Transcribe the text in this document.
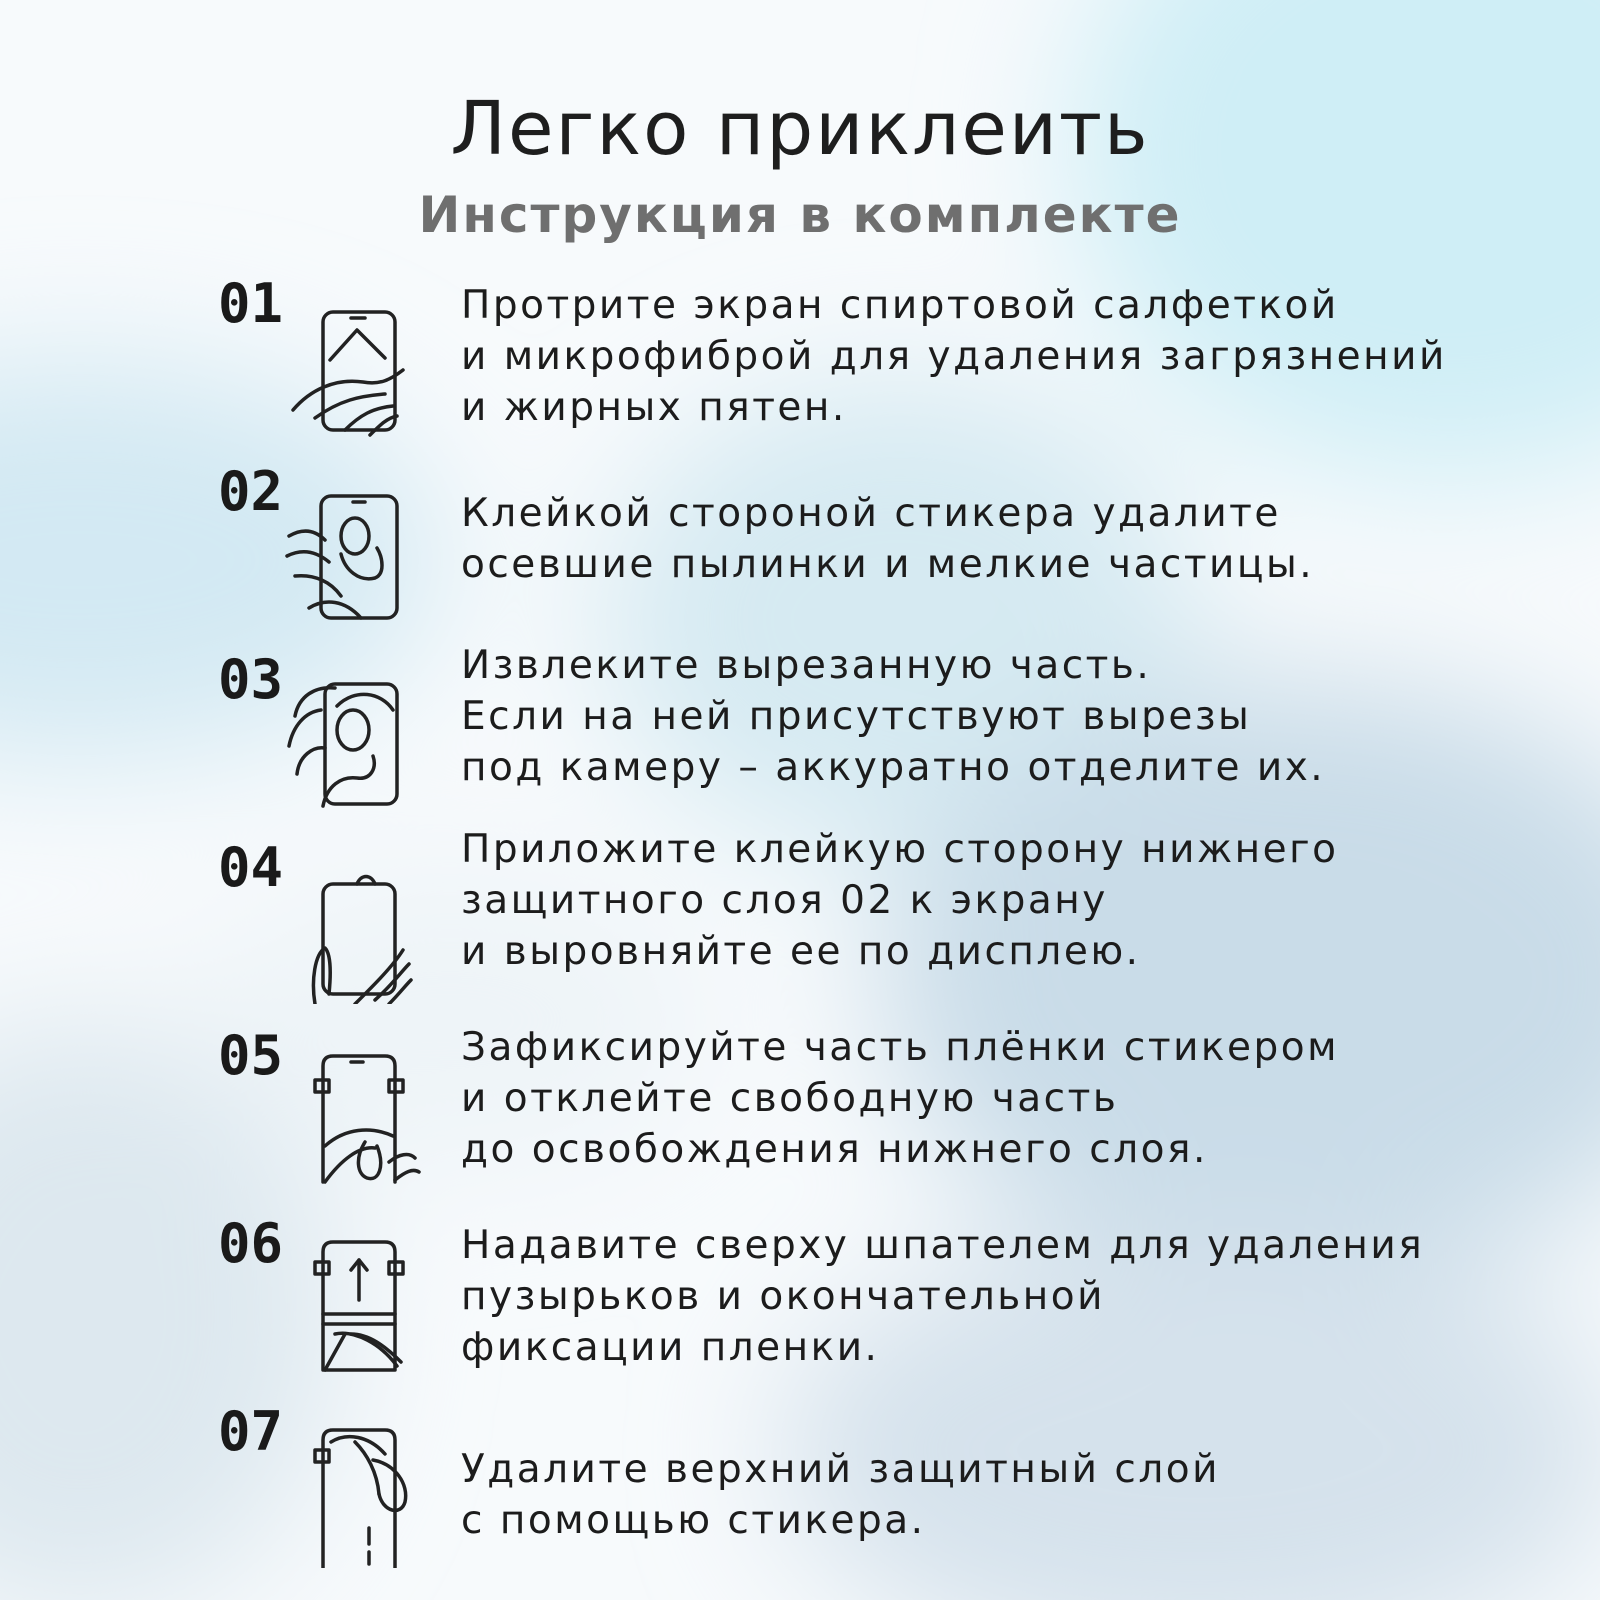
Легко приклеить
Инструкция в комплекте
01	Протрите экран спиртовой салфеткой
и микрофиброй для удаления загрязнений
и жирных пятен.
02	Клейкой стороной стикера удалите
осевшие пылинки и мелкие частицы.
03	Извлеките вырезанную часть.
Если на ней присутствуют вырезы
под камеру – аккуратно отделите их.
04	Приложите клейкую сторону нижнего
защитного слоя 02 к экрану
и выровняйте ее по дисплею.
05	Зафиксируйте часть плёнки стикером
и отклейте свободную часть
до освобождения нижнего слоя.
06	Надавите сверху шпателем для удаления
пузырьков и окончательной
фиксации пленки.
07
Удалите верхний защитный слой
с помощью стикера.
